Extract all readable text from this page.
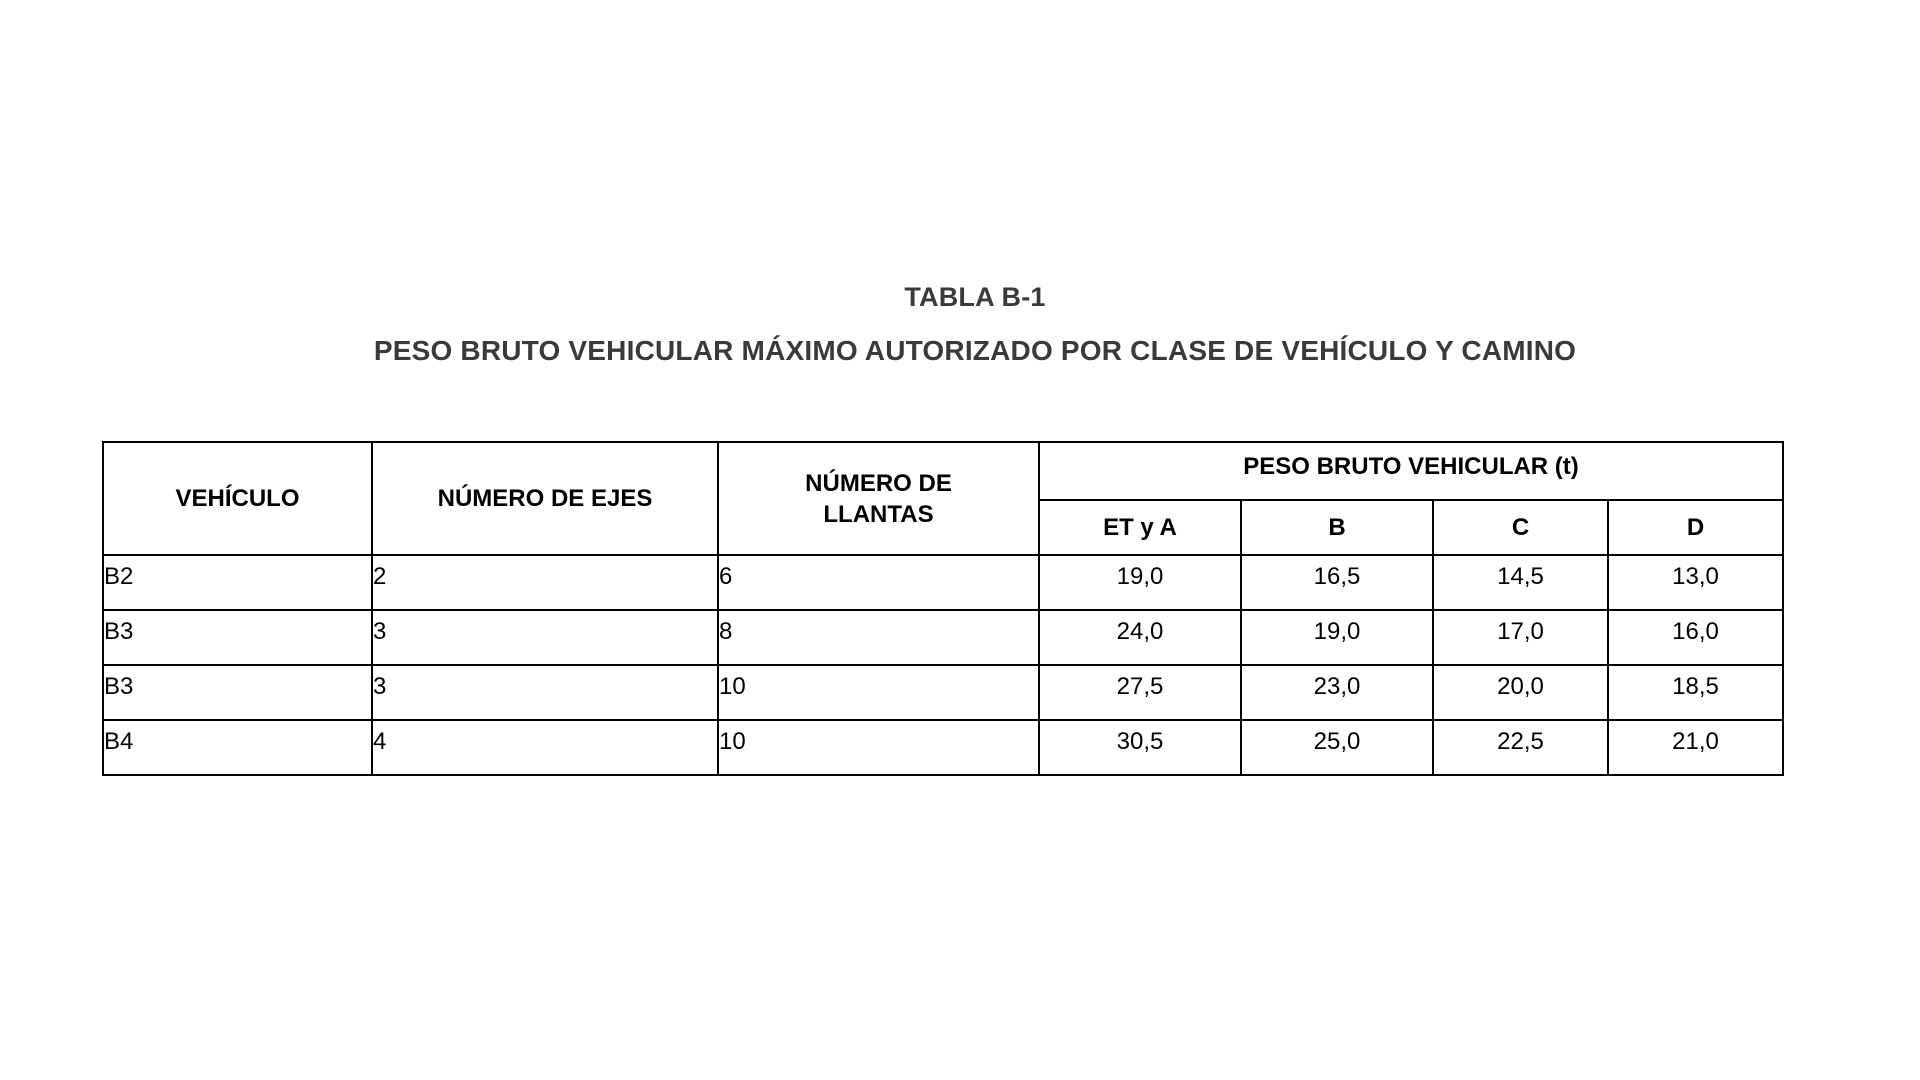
TABLA B-1
PESO BRUTO VEHICULAR MÁXIMO AUTORIZADO POR CLASE DE VEHÍCULO Y CAMINO
VEHÍCULO	NÚMERO DE EJES	NÚMERO DE LLANTAS	PESO BRUTO VEHICULAR (t)			
			ET y A	B	C	D
B2	2	6	19,0	16,5	14,5	13,0
B3	3	8	24,0	19,0	17,0	16,0
B3	3	10	27,5	23,0	20,0	18,5
B4	4	10	30,5	25,0	22,5	21,0
